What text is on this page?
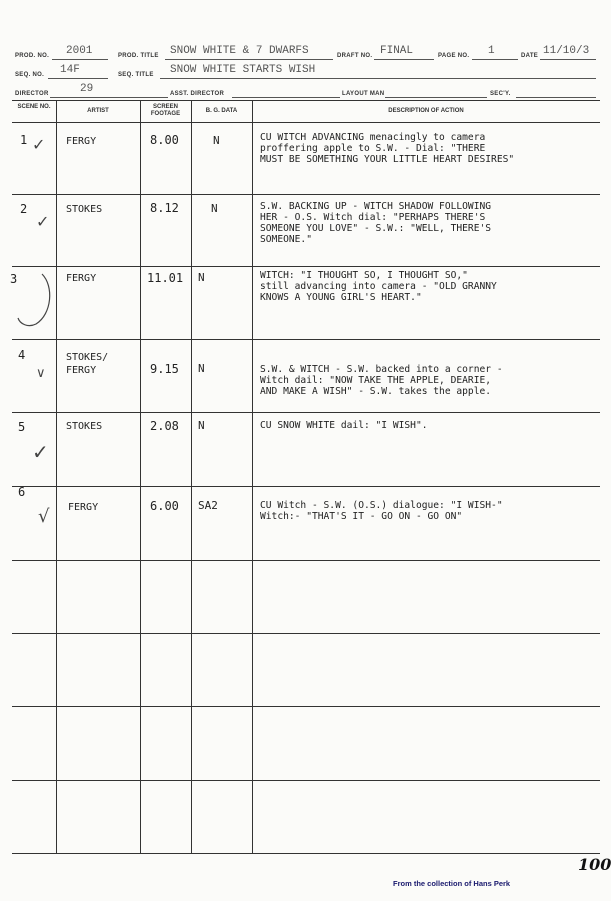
PROD. NO. 2001	PROD. TITLE SNOW WHITE & 7 DWARFS	DRAFT NO. FINAL	PAGE NO. 1	DATE 11/10/3
SEQ. NO. 14F	SEQ. TITLE SNOW WHITE STARTS WISH
DIRECTOR	29	ASST. DIRECTOR	LAYOUT MAN	SEC'Y.
SCENE NO.
ARTIST
SCREEN FOOTAGE	B. G. DATA	DESCRIPTION OF ACTION
1 ✓ FERGY	8.00	N	CU WITCH ADVANCING menacingly to camera
proffering apple to S.W. - Dial: "THERE
MUST BE SOMETHING YOUR LITTLE HEART DESIRES"
2
✓
STOKES	8.12	N	S.W. BACKING UP - WITCH SHADOW FOLLOWING
HER - O.S. Witch dial: "PERHAPS THERE'S
SOMEONE YOU LOVE" - S.W.: "WELL, THERE'S
SOMEONE."
3	FERGY	11.01 N	WITCH: "I THOUGHT SO, I THOUGHT SO,"
still advancing into camera - "OLD GRANNY
KNOWS A YOUNG GIRL'S HEART."
4
∨
STOKES/
FERGY	9.15 N	S.W. & WITCH - S.W. backed into a corner -
Witch dail: "NOW TAKE THE APPLE, DEARIE,
AND MAKE A WISH" - S.W. takes the apple.
5
✓
STOKES	2.08 N	CU SNOW WHITE dail: "I WISH".
6
√ FERGY	6.00 SA2	CU Witch - S.W. (O.S.) dialogue: "I WISH-"
Witch:- "THAT'S IT - GO ON - GO ON"
100
From the collection of Hans Perk
